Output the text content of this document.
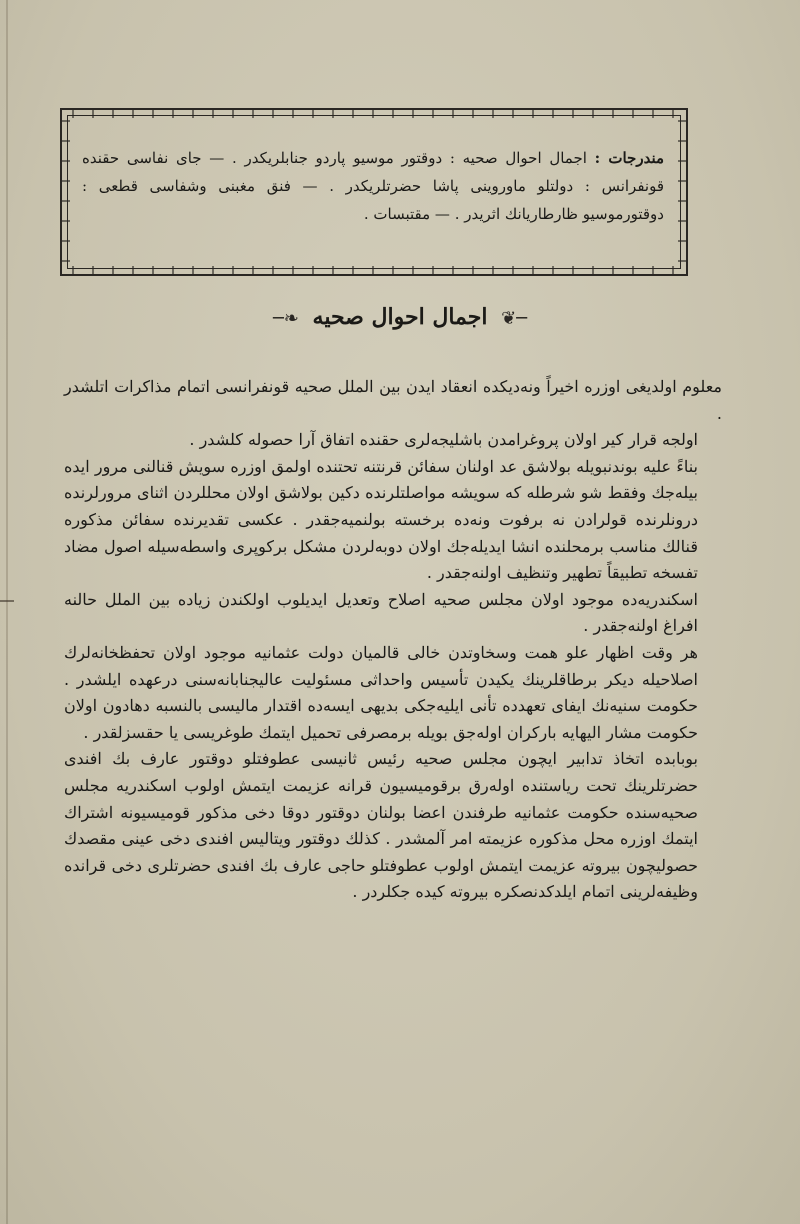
مندرجات : اجمال احوال صحیه : دوقتور موسیو پاردو جنابلریکدر . — جای نفاسی حقنده قونفرانس : دولتلو ماوروینی پاشا حضرتلریکدر . — فنق مغبنی وشفاسی قطعی : دوقتورموسیو ظارطاریانك اثریدر . — مقتبسات .
─❦ اجمال احوال صحیه ❧─

معلوم اولدیغی اوزره اخیراً ونه‌دیکده انعقاد ایدن بین الملل صحیه قونفرانسی اتمام مذاکرات اتلشدر .

اولجه قرار کیر اولان پروغرامدن باشلیجه‌لری حقنده اتفاق آرا حصوله کلشدر .

بناءً علیه بوندنبویله بولاشق عد اولنان سفائن قرنتنه تحتنده اولمق اوزره سویش قنالنی مرور ایده بیله‌جك وفقط شو شرطله که سویشه مواصلتلرنده دکین بولاشق اولان محللردن اثنای مرورلرنده درونلرنده قولرادن نه برفوت ونه‌ده برخسته بولنمیه‌جقدر . عکسی تقدیرنده سفائن مذکوره قنالك مناسب برمحلنده انشا ایدیله‌جك اولان دوبه‌لردن مشکل برکوپری واسطه‌سیله اصول مضاد تفسخه تطبیقاً تطهیر وتنظیف اولنه‌جقدر .

اسکندریه‌ده موجود اولان مجلس صحیه اصلاح وتعدیل ایدیلوب اولکندن زیاده بین الملل حالنه افراغ اولنه‌جقدر .

هر وقت اظهار علو همت وسخاوتدن خالی قالمیان دولت عثمانیه موجود اولان تحفظخانه‌لرك اصلاحیله دیکر برطاقلرینك یکیدن تأسیس واحداثی مسئولیت عالیجنابانه‌سنی درعهده ایلشدر . حکومت سنیه‌نك ایفای تعهدده تأنی ایلیه‌جکی بدیهی ایسه‌ده اقتدار مالیسی بالنسبه دها‌دون اولان حکومت مشار الیهایه بارکران اوله‌جق بویله برمصرفی تحمیل ایتمك طوغریسی یا حقسزلقدر .

بوبابده اتخاذ تدابیر ایچون مجلس صحیه رئیس ثانیسی عطوفتلو دوقتور عارف بك افندی حضرتلرینك تحت ریاستنده اوله‌رق برقومیسیون قرانه عزیمت ایتمش اولوب اسکندریه مجلس صحیه‌سنده حکومت عثمانیه طرفندن اعضا بولنان دوقتور دوقا دخی مذکور قومیسیونه اشتراك ایتمك اوزره محل مذکوره عزیمته امر آلمشدر . کذلك دوقتور ویتالیس افندی دخی عینی مقصدك حصولیچون بیروته عزیمت ایتمش اولوب عطوفتلو حاجی عارف بك افندی حضرتلری دخی قرانده وظیفه‌لرینی اتمام ایلدکدنصکره بیروته کیده جکلردر .
